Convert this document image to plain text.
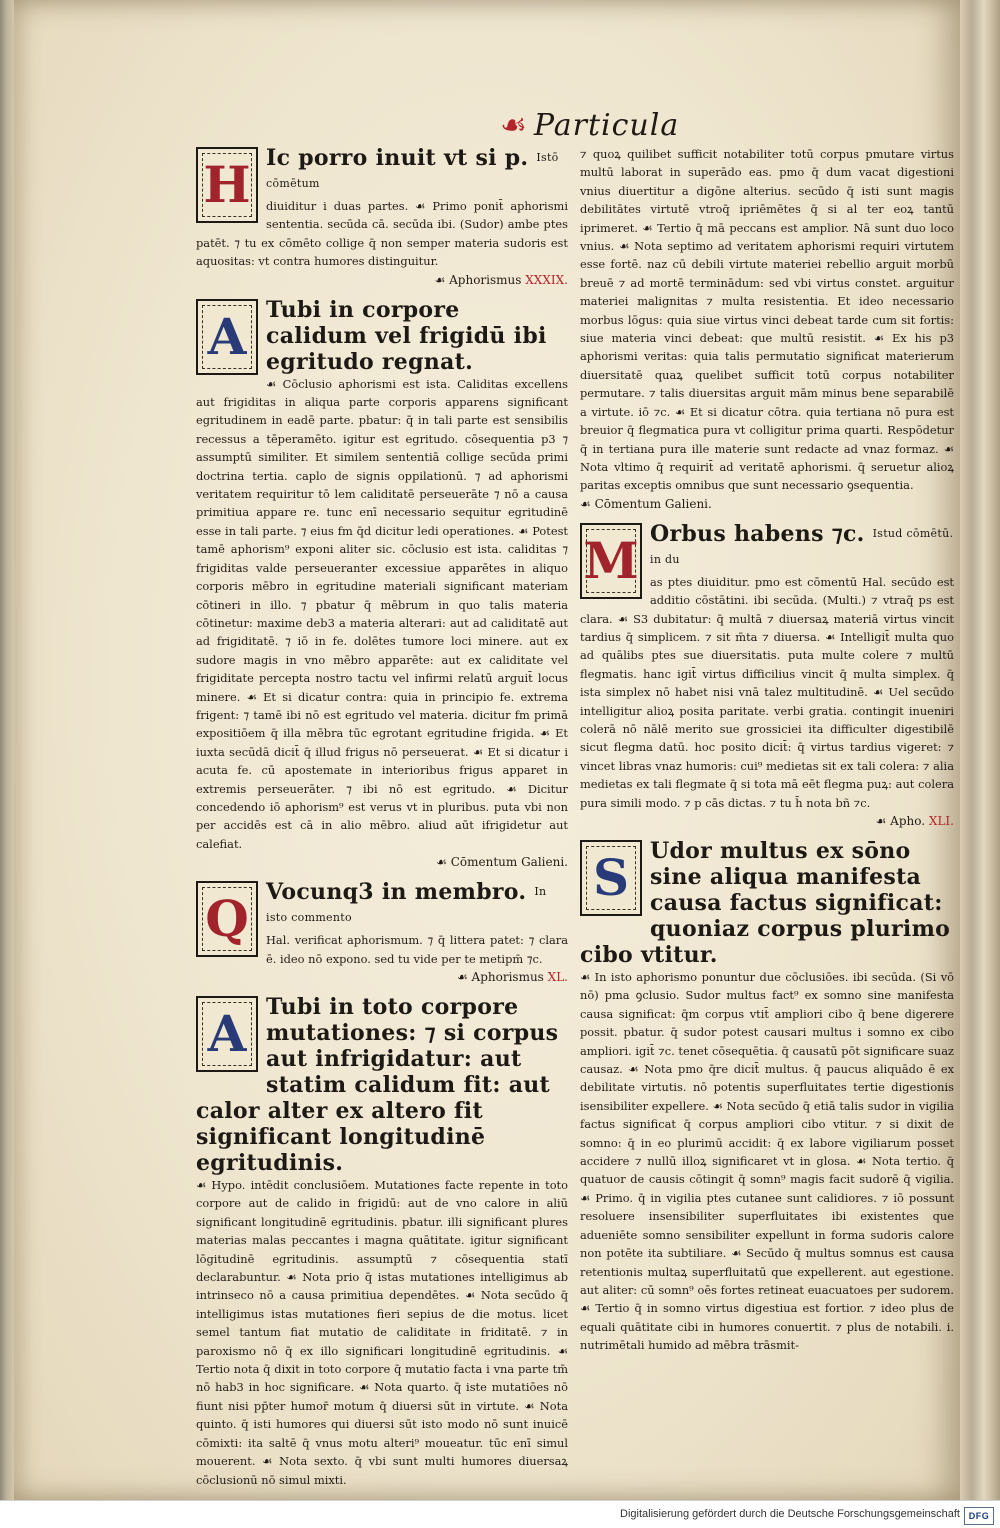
☙ Particula
H Ic porro inuit vt si p. $^{Istō cōmētum}$

diuiditur i duas partes. ☙ Primo ponit̄ aphorismi sententia. secūda cā. secūda ibi. (Sudor) ambe ptes patēt. ⁊ tu ex cōmēto collige q̄ non semper materia sudoris est aquositas: vt contra humores distinguitur.

☙ Aphorismus XXXIX.
A Tubi in corpore calidum vel frigidū ibi egritudo regnat.

☙ Cōclusio aphorismi est ista. Caliditas excellens aut frigiditas in aliqua parte corporis apparens significant egritudinem in eadē parte. pbatur: q̄ in tali parte est sensibilis recessus a tēperamēto. igitur est egritudo. cōsequentia p3 ⁊ assumptū similiter. Et similem sententiā collige secūda primi doctrina tertia. caplo de signis oppilationū. ⁊ ad aphorismi veritatem requiritur tō lem caliditatē perseuerāte ⁊ nō a causa primitiua appare re. tunc enī necessario sequitur egritudinē esse in tali parte. ⁊ eius fm q̄d dicitur ledi operationes. ☙ Potest tamē aphorism⁹ exponi aliter sic. cōclusio est ista. caliditas ⁊ frigiditas valde perseueranter excessiue apparētes in aliquo corporis mēbro in egritudine materiali significant materiam cōtineri in illo. ⁊ pbatur q̄ mēbrum in quo talis materia cōtinetur: maxime deb3 a materia alterari: aut ad caliditatē aut ad frigiditatē. ⁊ iō in fe. dolētes tumore loci minere. aut ex sudore magis in vno mēbro apparēte: aut ex caliditate vel frigiditate percepta nostro tactu vel infirmi relatū arguit̄ locus minere. ☙ Et si dicatur contra: quia in principio fe. extrema frigent: ⁊ tamē ibi nō est egritudo vel materia. dicitur fm primā expositiōem q̄ illa mēbra tūc egrotant egritudine frigida. ☙ Et iuxta secūdā dicit̄ q̄ illud frigus nō perseuerat. ☙ Et si dicatur i acuta fe. cū apostemate in interioribus frigus apparet in extremis perseuerāter. ⁊ ibi nō est egritudo. ☙ Dicitur concedendo iō aphorism⁹ est verus vt in pluribus. puta vbi non per accidēs est cā in alio mēbro. aliud aūt ifrigidetur aut calefiat.

☙ Cōmentum Galieni.
Q Vocunq3 in membro. $^{In isto commento}$

Hal. verificat aphorismum. ⁊ q̄ littera patet: ⁊ clara ē. ideo nō expono. sed tu vide per te metipm̄ ⁊c.

☙ Aphorismus XL.
A Tubi in toto corpore mutationes: ⁊ si corpus aut infrigidatur: aut statim calidum fit: aut calor alter ex altero fit significant longitudinē egritudinis.

☙ Hypo. intēdit conclusiōem. Mutationes facte repente in toto corpore aut de calido in frigidū: aut de vno calore in aliū significant longitudinē egritudinis. pbatur. illi significant plures materias malas peccantes i magna quātitate. igitur significant lōgitudinē egritudinis. assumptū ⁊ cōsequentia statī declarabuntur. ☙ Nota prio q̄ istas mutationes intelligimus ab intrinseco nō a causa primitiua dependētes. ☙ Nota secūdo q̄ intelligimus istas mutationes fieri sepius de die motus. licet semel tantum fiat mutatio de caliditate in friditatē. ⁊ in paroxismo nō q̄ ex illo significari longitudinē egritudinis. ☙ Tertio nota q̄ dixit in toto corpore q̄ mutatio facta i vna parte tm̄ nō hab3 in hoc significare. ☙ Nota quarto. q̄ iste mutatiōes nō fiunt nisi pp̄ter humor̄ motum q̄ diuersi sūt in virtute. ☙ Nota quinto. q̄ isti humores qui diuersi sūt isto modo nō sunt inuicē cōmixti: ita saltē q̄ vnus motu alteri⁹ moueatur. tūc enī simul mouerent. ☙ Nota sexto. q̄ vbi sunt multi humores diuersaꝝ cōclusionū nō simul mixti.

⁊ quoꝝ quilibet sufficit notabiliter totū corpus pmutare virtus multū laborat in superādo eas. pmo q̄ dum vacat digestioni vnius diuertitur a digōne alterius. secūdo q̄ isti sunt magis debilitātes virtutē vtroq̄ ipriēmētes q̄ si al ter eoꝝ tantū iprimeret. ☙ Tertio q̄ mā peccans est amplior. Nā sunt duo loco vnius. ☙ Nota septimo ad veritatem aphorismi requiri virtutem esse fortē. naz cū debili virtute materiei rebellio arguit morbū breuē ⁊ ad mortē terminādum: sed vbi virtus constet. arguitur materiei malignitas ⁊ multa resistentia. Et ideo necessario morbus lōgus: quia siue virtus vinci debeat tarde cum sit fortis: siue materia vinci debeat: que multū resistit. ☙ Ex his p3 aphorismi veritas: quia talis permutatio significat materierum diuersitatē quaꝝ quelibet sufficit totū corpus notabiliter permutare. ⁊ talis diuersitas arguit mām minus bene separabilē a virtute. iō ⁊c. ☙ Et si dicatur cōtra. quia tertiana nō pura est breuior q̄ flegmatica pura vt colligitur prima quarti. Respōdetur q̄ in tertiana pura ille materie sunt redacte ad vnaz formaz. ☙ Nota vltimo q̄ requirit̄ ad veritatē aphorismi. q̄ seruetur alioꝝ paritas exceptis omnibus que sunt necessario ꝯsequentia.

☙ Cōmentum Galieni.
M Orbus habens ⁊c. $^{Istud cōmētū. in du}$

as ptes diuiditur. pmo est cōmentū Hal. secūdo est additio cōstātini. ibi secūda. (Multi.) ⁊ vtraq̄ ps est clara. ☙ S3 dubitatur: q̄ multā ⁊ diuersaꝝ materiā virtus vincit tardius q̄ simplicem. ⁊ sit m̄ta ⁊ diuersa. ☙ Intelligit̄ multa quo ad quālibs ptes sue diuersitatis. puta multe colere ⁊ multū flegmatis. hanc igit̄ virtus difficilius vincit q̄ multa simplex. q̄ ista simplex nō habet nisi vnā talez multitudinē. ☙ Uel secūdo intelligitur alioꝝ posita paritate. verbi gratia. contingit inueniri colerā nō nālē merito sue grossiciei ita difficulter digestibilē sicut flegma datū. hoc posito dicit̄: q̄ virtus tardius vigeret: ⁊ vincet libras vnaz humoris: cui⁹ medietas sit ex tali colera: ⁊ alia medietas ex tali flegmate q̄ si tota mā eēt flegma puꝝ: aut colera pura simili modo. ⁊ p cās dictas. ⁊ tu h̄ nota bñ ⁊c.

☙ Apho. XLI.
S Udor multus ex sōno sine aliqua manifesta causa factus significat: quoniaz corpus plurimo cibo vtitur.

☙ In isto aphorismo ponuntur due cōclusiōes. ibi secūda. (Si vō nō) pma ꝯclusio. Sudor multus fact⁹ ex somno sine manifesta causa significat: q̄m corpus vtit̄ ampliori cibo q̄ bene digerere possit. pbatur. q̄ sudor potest causari multus i somno ex cibo ampliori. igit̄ ⁊c. tenet cōsequētia. q̄ causatū pōt significare suaz causaz. ☙ Nota pmo q̄re dicit̄ multus. q̄ paucus aliquādo ē ex debilitate virtutis. nō potentis superfluitates tertie digestionis isensibiliter expellere. ☙ Nota secūdo q̄ etiā talis sudor in vigilia factus significat q̄ corpus ampliori cibo vtitur. ⁊ si dixit de somno: q̄ in eo plurimū accidit: q̄ ex labore vigiliarum posset accidere ⁊ nullū illoꝝ significaret vt in glosa. ☙ Nota tertio. q̄ quatuor de causis cōtingit q̄ somn⁹ magis facit sudorē q̄ vigilia. ☙ Primo. q̄ in vigilia ptes cutanee sunt calidiores. ⁊ iō possunt resoluere insensibiliter superfluitates ibi existentes que adueniēte somno sensibiliter expellunt in forma sudoris calore non potēte ita subtiliare. ☙ Secūdo q̄ multus somnus est causa retentionis multaꝝ superfluitatū que expellerent. aut egestione. aut aliter: cū somn⁹ oēs fortes retineat euacuatoes per sudorem. ☙ Tertio q̄ in somno virtus digestiua est fortior. ⁊ ideo plus de equali quātitate cibi in humores conuertit. ⁊ plus de notabili. i. nutrimētali humido ad mēbra trāsmit-

Digitalisierung gefördert durch die Deutsche Forschungsgemeinschaft DFG
